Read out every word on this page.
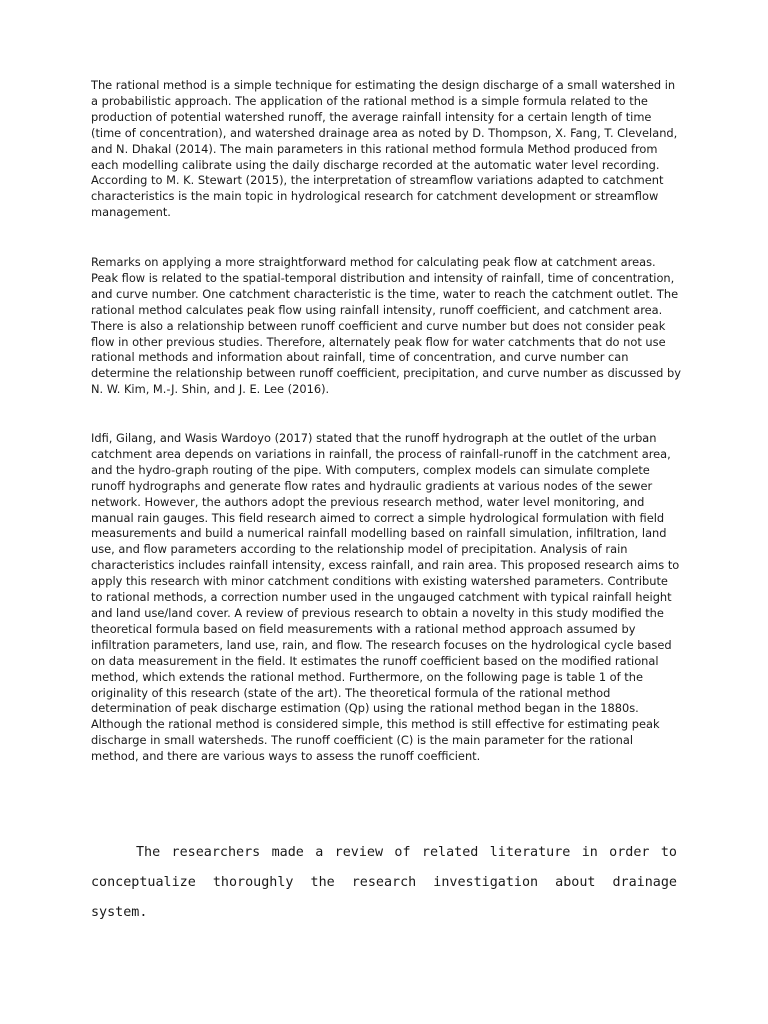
The rational method is a simple technique for estimating the design discharge of a small watershed in a probabilistic approach. The application of the rational method is a simple formula related to the production of potential watershed runoff, the average rainfall intensity for a certain length of time (time of concentration), and watershed drainage area as noted by D. Thompson, X. Fang, T. Cleveland, and N. Dhakal (2014). The main parameters in this rational method formula Method produced from each modelling calibrate using the daily discharge recorded at the automatic water level recording. According to M. K. Stewart (2015), the interpretation of streamflow variations adapted to catchment characteristics is the main topic in hydrological research for catchment development or streamflow management.

Remarks on applying a more straightforward method for calculating peak flow at catchment areas. Peak flow is related to the spatial-temporal distribution and intensity of rainfall, time of concentration, and curve number. One catchment characteristic is the time, water to reach the catchment outlet. The rational method calculates peak flow using rainfall intensity, runoff coefficient, and catchment area. There is also a relationship between runoff coefficient and curve number but does not consider peak flow in other previous studies. Therefore, alternately peak flow for water catchments that do not use rational methods and information about rainfall, time of concentration, and curve number can determine the relationship between runoff coefficient, precipitation, and curve number as discussed by N. W. Kim, M.-J. Shin, and J. E. Lee (2016).

Idfi, Gilang, and Wasis Wardoyo (2017) stated that the runoff hydrograph at the outlet of the urban catchment area depends on variations in rainfall, the process of rainfall-runoff in the catchment area, and the hydro-graph routing of the pipe. With computers, complex models can simulate complete runoff hydrographs and generate flow rates and hydraulic gradients at various nodes of the sewer network. However, the authors adopt the previous research method, water level monitoring, and manual rain gauges. This field research aimed to correct a simple hydrological formulation with field measurements and build a numerical rainfall modelling based on rainfall simulation, infiltration, land use, and flow parameters according to the relationship model of precipitation. Analysis of rain characteristics includes rainfall intensity, excess rainfall, and rain area. This proposed research aims to apply this research with minor catchment conditions with existing watershed parameters. Contribute to rational methods, a correction number used in the ungauged catchment with typical rainfall height and land use/land cover. A review of previous research to obtain a novelty in this study modified the theoretical formula based on field measurements with a rational method approach assumed by infiltration parameters, land use, rain, and flow. The research focuses on the hydrological cycle based on data measurement in the field. It estimates the runoff coefficient based on the modified rational method, which extends the rational method. Furthermore, on the following page is table 1 of the originality of this research (state of the art). The theoretical formula of the rational method determination of peak discharge estimation (Qp) using the rational method began in the 1880s. Although the rational method is considered simple, this method is still effective for estimating peak discharge in small watersheds. The runoff coefficient (C) is the main parameter for the rational method, and there are various ways to assess the runoff coefficient.

The researchers made a review of related literature in order to conceptualize thoroughly the research investigation about drainage system.
